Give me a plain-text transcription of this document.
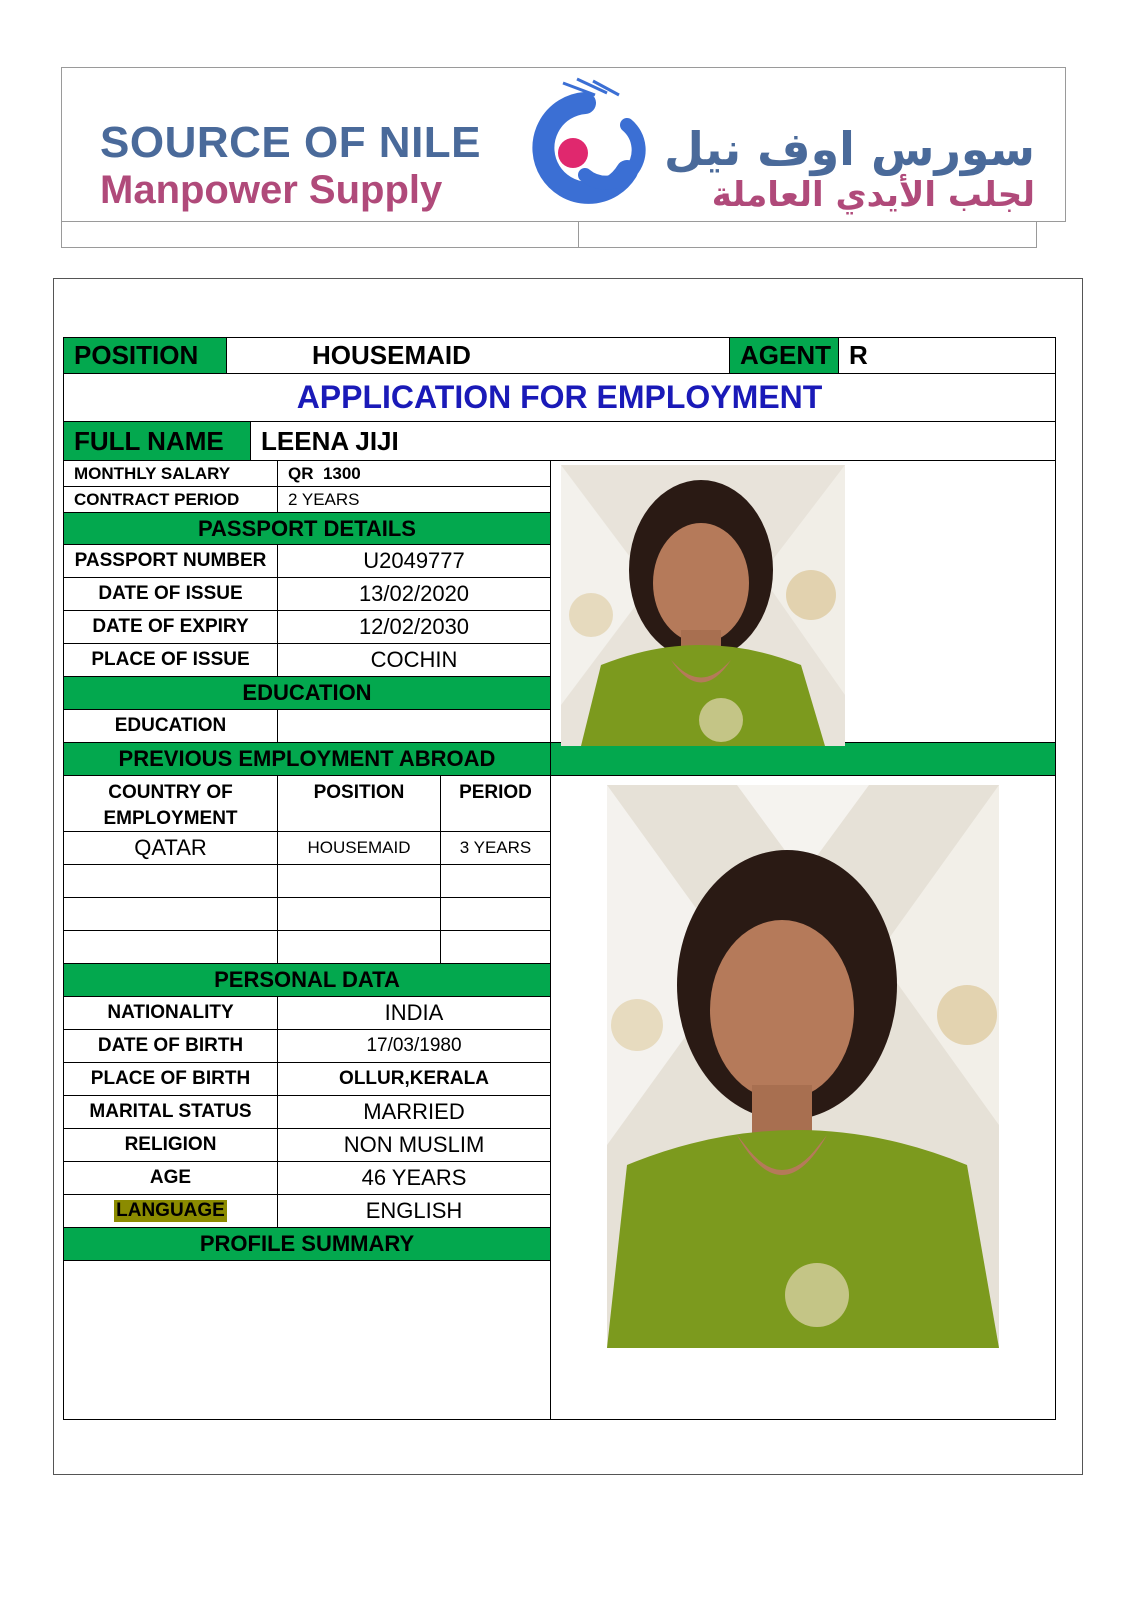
SOURCE OF NILE
Manpower Supply
سورس اوف نيل
لجلب الأيدي العاملة
POSITION	HOUSEMAID	AGENT R
APPLICATION FOR EMPLOYMENT
FULL NAME	LEENA JIJI
MONTHLY SALARY	QR  1300
CONTRACT PERIOD	2 YEARS
PASSPORT DETAILS
PASSPORT NUMBER	U2049777
DATE OF ISSUE	13/02/2020
DATE OF EXPIRY	12/02/2030
PLACE OF ISSUE	COCHIN
EDUCATION
EDUCATION
PREVIOUS EMPLOYMENT ABROAD
COUNTRY OF
EMPLOYMENT
POSITION	PERIOD
QATAR	HOUSEMAID	3 YEARS
PERSONAL DATA
NATIONALITY	INDIA
DATE OF BIRTH	17/03/1980
PLACE OF BIRTH	OLLUR,KERALA
MARITAL STATUS	MARRIED
RELIGION	NON MUSLIM
AGE	46 YEARS
LANGUAGE	ENGLISH
PROFILE SUMMARY
